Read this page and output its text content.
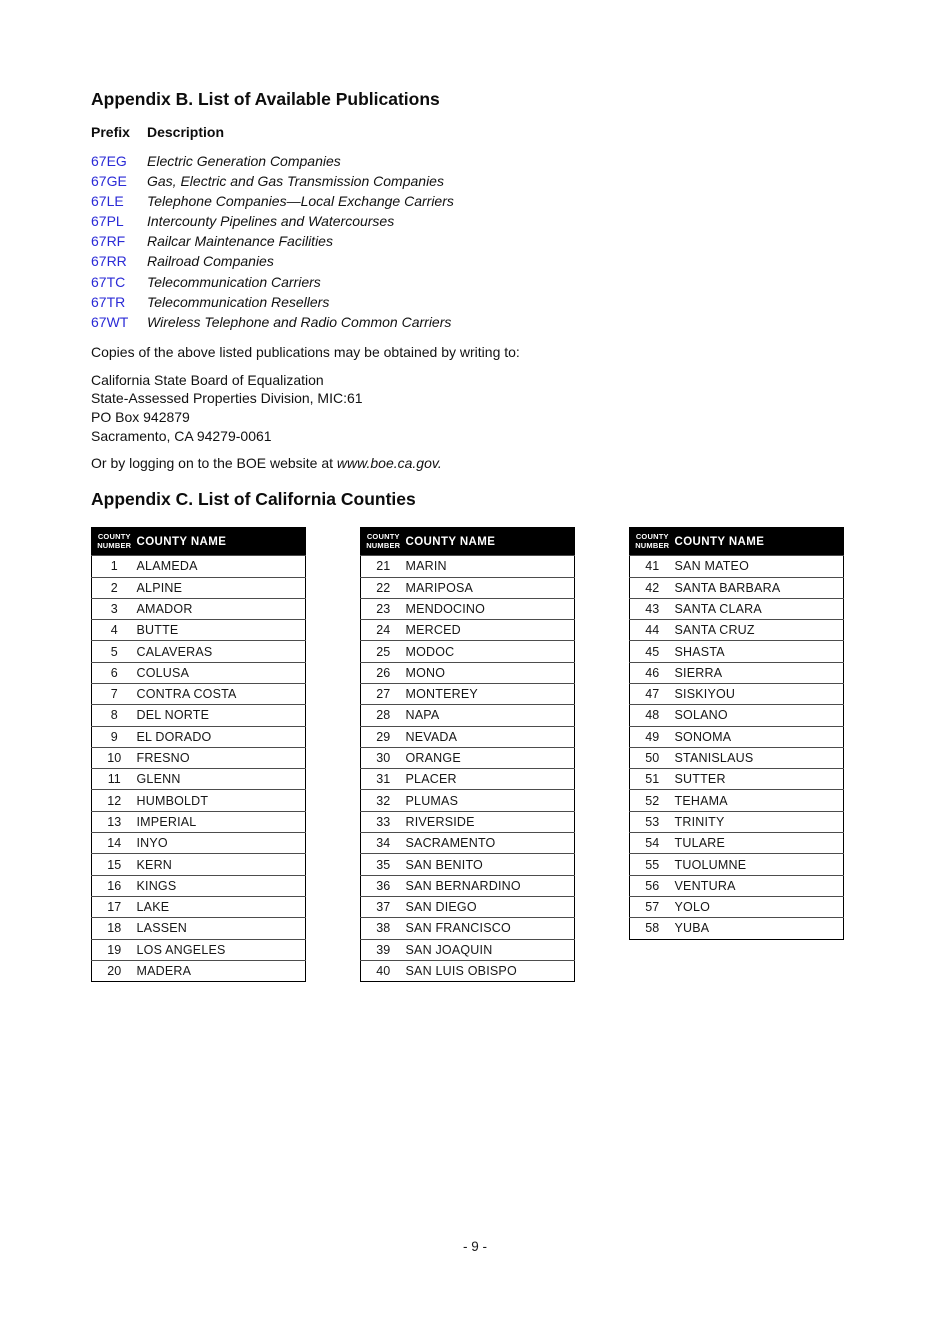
Appendix B. List of Available Publications
Prefix	Description
67EG	Electric Generation Companies
67GE	Gas, Electric and Gas Transmission Companies
67LE	Telephone Companies—Local Exchange Carriers
67PL	Intercounty Pipelines and Watercourses
67RF	Railcar Maintenance Facilities
67RR	Railroad Companies
67TC	Telecommunication Carriers
67TR	Telecommunication Resellers
67WT	Wireless Telephone and Radio Common Carriers

Copies of the above listed publications may be obtained by writing to:

California State Board of Equalization
State-Assessed Properties Division, MIC:61
PO Box 942879
Sacramento, CA 94279-0061

Or by logging on to the BOE website at www.boe.ca.gov.

Appendix C. List of California Counties
COUNTY
NUMBER	COUNTY NAME
1	ALAMEDA
2	ALPINE
3	AMADOR
4	BUTTE
5	CALAVERAS
6	COLUSA
7	CONTRA COSTA
8	DEL NORTE
9	EL DORADO
10	FRESNO
11	GLENN
12	HUMBOLDT
13	IMPERIAL
14	INYO
15	KERN
16	KINGS
17	LAKE
18	LASSEN
19	LOS ANGELES
20	MADERA
COUNTY
NUMBER	COUNTY NAME
21	MARIN
22	MARIPOSA
23	MENDOCINO
24	MERCED
25	MODOC
26	MONO
27	MONTEREY
28	NAPA
29	NEVADA
30	ORANGE
31	PLACER
32	PLUMAS
33	RIVERSIDE
34	SACRAMENTO
35	SAN BENITO
36	SAN BERNARDINO
37	SAN DIEGO
38	SAN FRANCISCO
39	SAN JOAQUIN
40	SAN LUIS OBISPO
COUNTY
NUMBER	COUNTY NAME
41	SAN MATEO
42	SANTA BARBARA
43	SANTA CLARA
44	SANTA CRUZ
45	SHASTA
46	SIERRA
47	SISKIYOU
48	SOLANO
49	SONOMA
50	STANISLAUS
51	SUTTER
52	TEHAMA
53	TRINITY
54	TULARE
55	TUOLUMNE
56	VENTURA
57	YOLO
58	YUBA
- 9 -
